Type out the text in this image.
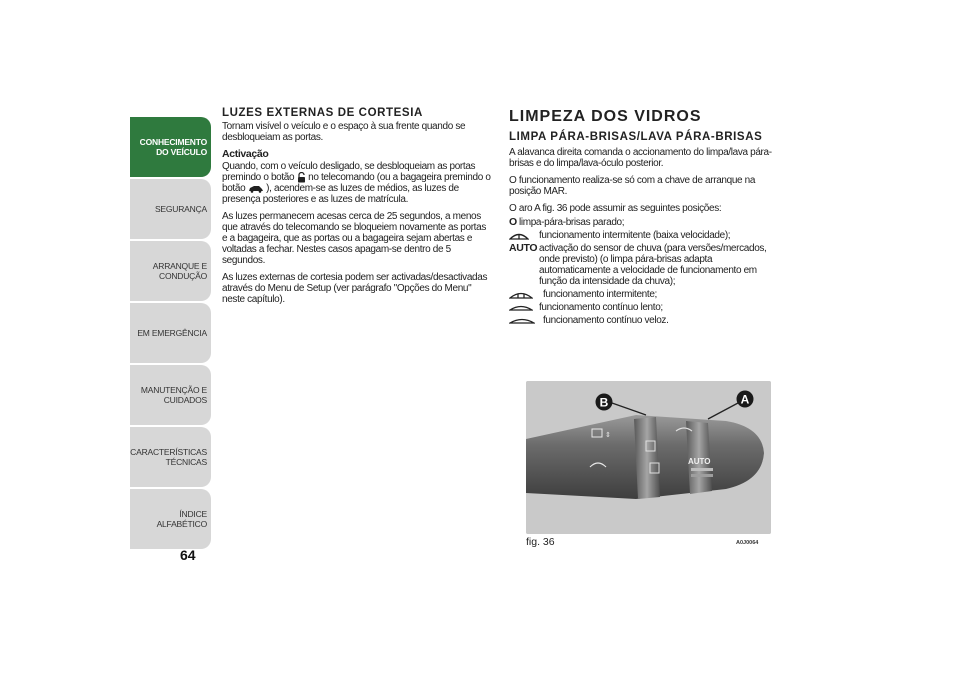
CONHECIMENTO
DO VEÍCULO
SEGURANÇA
ARRANQUE E
CONDUÇÃO
EM EMERGÊNCIA
MANUTENÇÃO E
CUIDADOS
CARACTERÍSTICAS
TÉCNICAS
ÍNDICE ALFABÉTICO
64
LUZES EXTERNAS DE CORTESIA

Tornam visível o veículo e o espaço à sua frente quando se desbloqueiam as portas.

Activação

Quando, com o veículo desligado, se desbloqueiam as portas premindo o botão no telecomando (ou a bagageira premindo o botão ), acendem-se as luzes de médios, as luzes de presença posteriores e as luzes de matrícula.

As luzes permanecem acesas cerca de 25 segundos, a menos que através do telecomando se bloqueiem novamente as portas e a bagageira, que as portas ou a bagageira sejam abertas e voltadas a fechar. Nestes casos apagam-se dentro de 5 segundos.

As luzes externas de cortesia podem ser activadas/desactivadas através do Menu de Setup (ver parágrafo "Opções do Menu" neste capítulo).

LIMPEZA DOS VIDROS
LIMPA PÁRA-BRISAS/LAVA PÁRA-BRISAS

A alavanca direita comanda o accionamento do limpa/lava pára-brisas e do limpa/lava-óculo posterior.

O funcionamento realiza-se só com a chave de arranque na posição MAR.

O aro A fig. 36 pode assumir as seguintes posições:

O limpa-pára-brisas parado;
funcionamento intermitente (baixa velocidade);
AUTO activação do sensor de chuva (para versões/mercados, onde previsto) (o limpa pára-brisas adapta automaticamente a velocidade de funcionamento em função da intensidade da chuva);
funcionamento intermitente;
funcionamento contínuo lento;
funcionamento contínuo veloz.
⇕
AUTO
B	A
fig. 36	A0J0064
